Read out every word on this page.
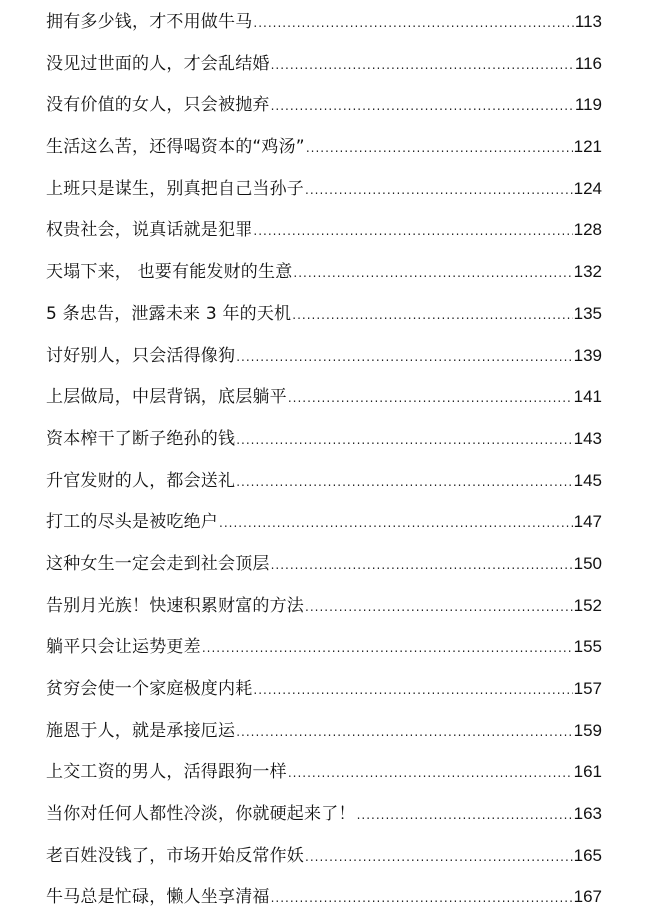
拥有多少钱，才不用做牛马 .....	113
没见过世面的人，才会乱结婚 .....	116
没有价值的女人，只会被抛弃 .....	119
生活这么苦，还得喝资本的“鸡汤” .....	121
上班只是谋生，别真把自己当孙子 .....	124
权贵社会，说真话就是犯罪 .....	128
天塌下来， 也要有能发财的生意 .....	132
5 条忠告，泄露未来 3 年的天机 .....	135
讨好别人，只会活得像狗 .....	139
上层做局，中层背锅，底层躺平 .....	141
资本榨干了断子绝孙的钱 .....	143
升官发财的人，都会送礼 .....	145
打工的尽头是被吃绝户 .....	147
这种女生一定会走到社会顶层 .....	150
告别月光族！快速积累财富的方法 .....	152
躺平只会让运势更差 .....	155
贫穷会使一个家庭极度内耗 .....	157
施恩于人，就是承接厄运 .....	159
上交工资的男人，活得跟狗一样 .....	161
当你对任何人都性冷淡，你就硬起来了！ .....	163
老百姓没钱了，市场开始反常作妖 .....	165
牛马总是忙碌，懒人坐享清福 .....	167
